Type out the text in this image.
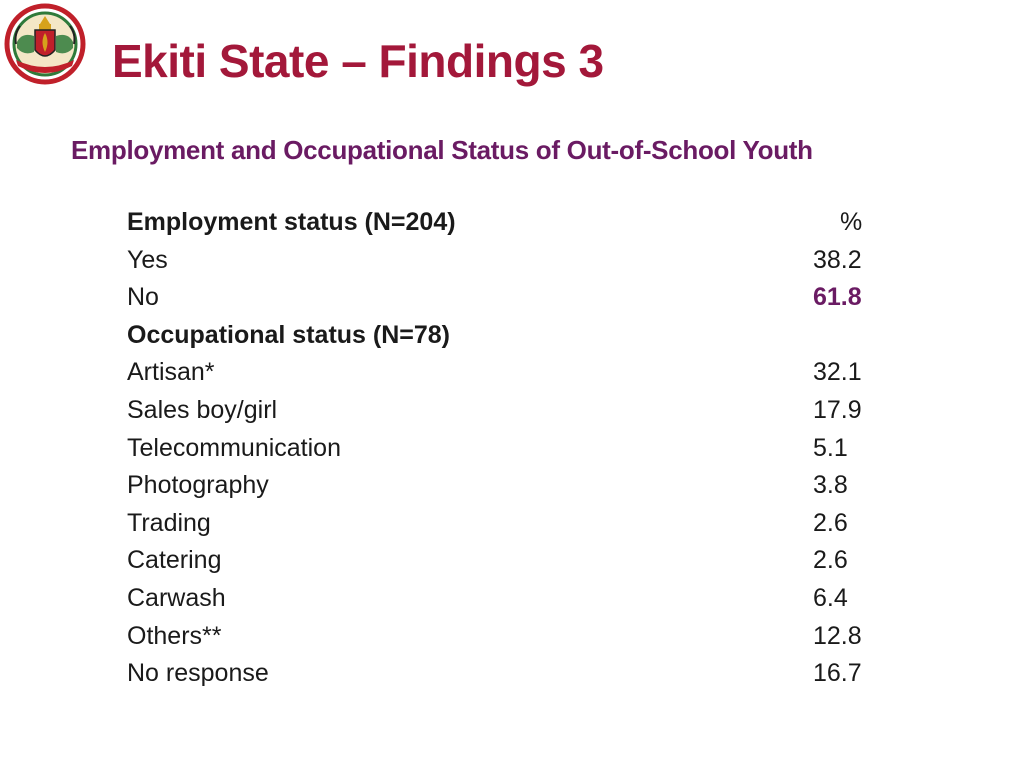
Ekiti State – Findings 3
Employment and Occupational Status of Out-of-School Youth
Employment status (N=204)	%
Yes	38.2
No	61.8
Occupational status (N=78)
Artisan*	32.1
Sales boy/girl	17.9
Telecommunication	5.1
Photography	3.8
Trading	2.6
Catering	2.6
Carwash	6.4
Others**	12.8
No response	16.7
